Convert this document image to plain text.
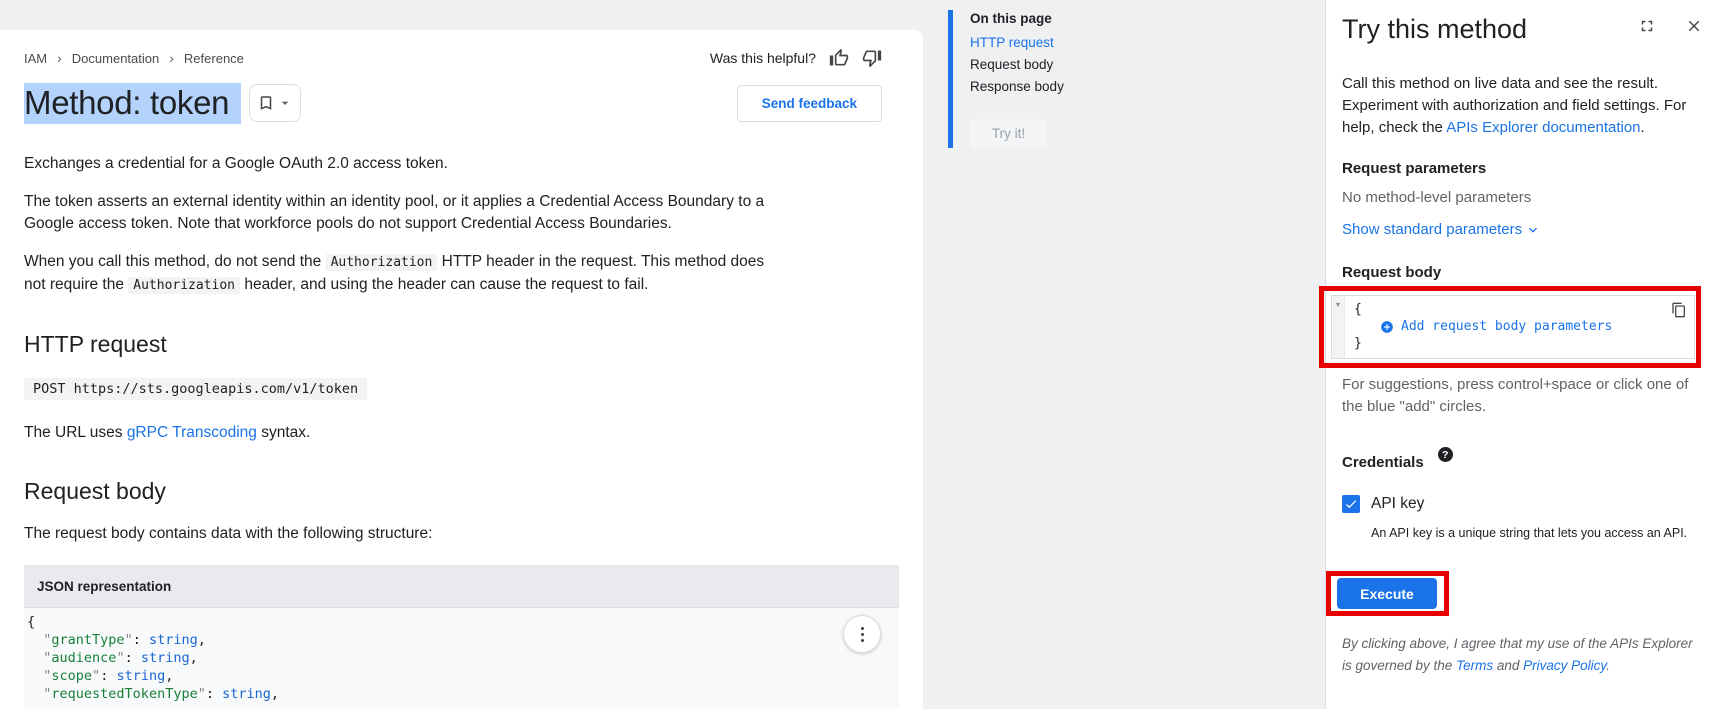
IAM › Documentation › Reference	Was this helpful?
Method: token	Send feedback

Exchanges a credential for a Google OAuth 2.0 access token.

The token asserts an external identity within an identity pool, or it applies a Credential Access Boundary to a Google access token. Note that workforce pools do not support Credential Access Boundaries.

When you call this method, do not send the Authorization HTTP header in the request. This method does not require the Authorization header, and using the header can cause the request to fail.

HTTP request
POST https://sts.googleapis.com/v1/token

The URL uses gRPC Transcoding syntax.

Request body

The request body contains data with the following structure:

JSON representation
{
"grantType": string,
"audience": string,
"scope": string,
"requestedTokenType": string,
On this page
HTTP request
Request body
Response body
Try it!
Try this method

Call this method on live data and see the result. Experiment with authorization and field settings. For help, check the APIs Explorer documentation.

Request parameters

No method-level parameters

Show standard parameters
Request body
▾	{
Add request body parameters
}

For suggestions, press control+space or click one of the blue "add" circles.

Credentials	?
API key

An API key is a unique string that lets you access an API.

Execute

By clicking above, I agree that my use of the APIs Explorer is governed by the Terms and Privacy Policy.
